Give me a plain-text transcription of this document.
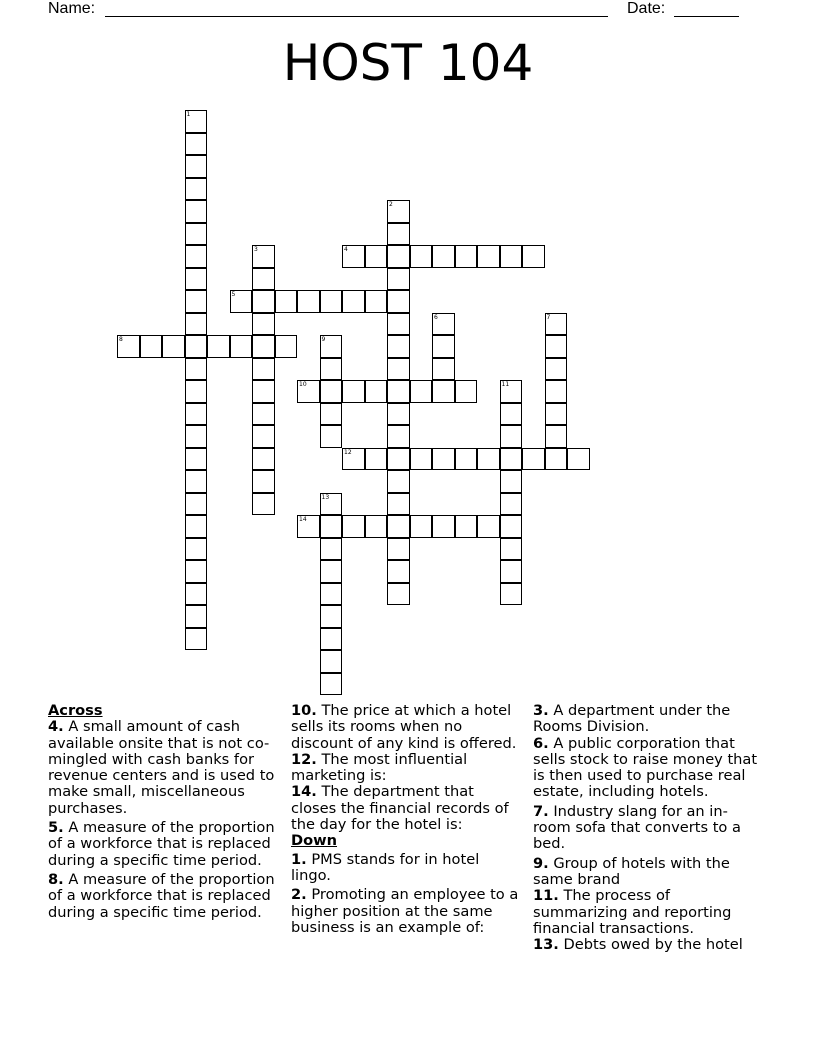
Name:	Date:
HOST 104
1
2
3	4
5
6	7
8	9
10	11
12
13
14

Across

4. A small amount of cash available onsite that is not co-mingled with cash banks for revenue centers and is used to make small, miscellaneous purchases.

5. A measure of the proportion of a workforce that is replaced during a specific time period.

8. A measure of the proportion of a workforce that is replaced during a specific time period.

10. The price at which a hotel sells its rooms when no discount of any kind is offered.

12. The most influential marketing is:

14. The department that closes the financial records of the day for the hotel is:

Down

1. PMS stands for in hotel lingo.

2. Promoting an employee to a higher position at the same business is an example of:

3. A department under the Rooms Division.

6. A public corporation that sells stock to raise money that is then used to purchase real estate, including hotels.

7. Industry slang for an in-room sofa that converts to a bed.

9. Group of hotels with the same brand

11. The process of summarizing and reporting financial transactions.

13. Debts owed by the hotel
